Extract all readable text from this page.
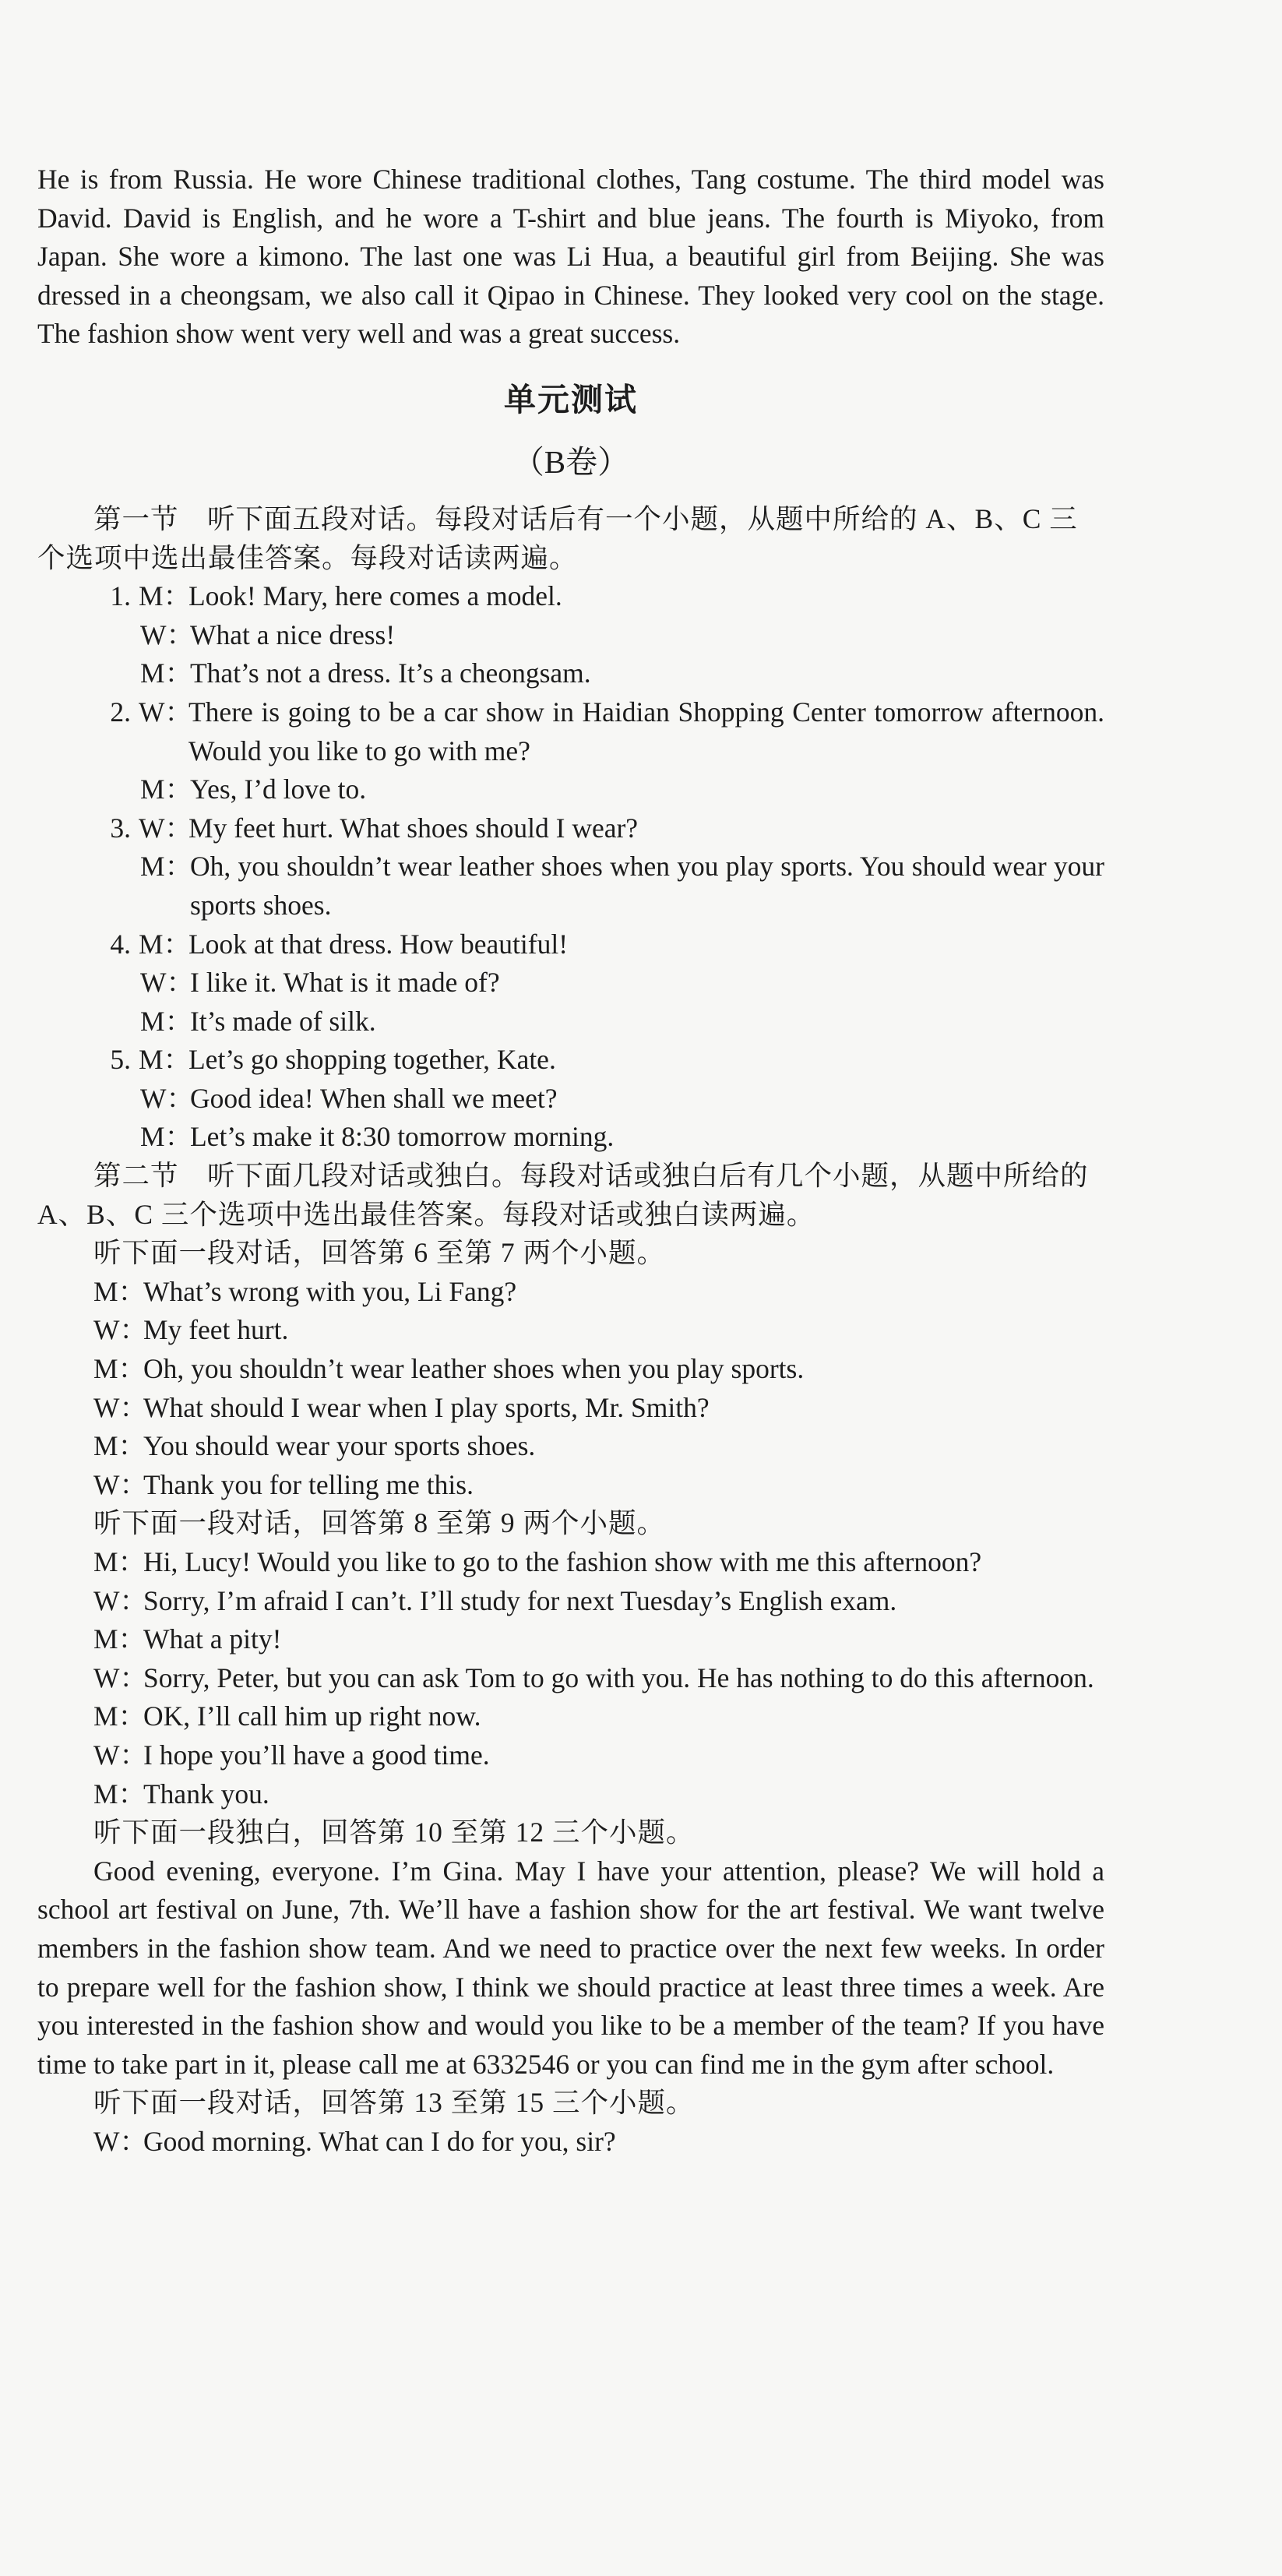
He is from Russia. He wore Chinese traditional clothes, Tang costume. The third model was David. David is English, and he wore a T-shirt and blue jeans. The fourth is Miyoko, from Japan. She wore a kimono. The last one was Li Hua, a beautiful girl from Beijing. She was dressed in a cheongsam, we also call it Qipao in Chinese. They looked very cool on the stage. The fashion show went very well and was a great success.

单元测试
（B卷）

第一节　听下面五段对话。每段对话后有一个小题，从题中所给的 A、B、C 三个选项中选出最佳答案。每段对话读两遍。

1. M：
Look! Mary, here comes a model.
W：
What a nice dress!
M：
That’s not a dress. It’s a cheongsam.
2. W：
There is going to be a car show in Haidian Shopping Center tomorrow afternoon. Would you like to go with me?
M：
Yes, I’d love to.
3. W：
My feet hurt. What shoes should I wear?
M：
Oh, you shouldn’t wear leather shoes when you play sports. You should wear your sports shoes.
4. M：
Look at that dress. How beautiful!
W：
I like it. What is it made of?
M：
It’s made of silk.
5. M：
Let’s go shopping together, Kate.
W：
Good idea! When shall we meet?
M：
Let’s make it 8:30 tomorrow morning.

第二节　听下面几段对话或独白。每段对话或独白后有几个小题，从题中所给的 A、B、C 三个选项中选出最佳答案。每段对话或独白读两遍。

听下面一段对话，回答第 6 至第 7 两个小题。

M：
What’s wrong with you, Li Fang?
W：
My feet hurt.
M：
Oh, you shouldn’t wear leather shoes when you play sports.
W：
What should I wear when I play sports, Mr. Smith?
M：
You should wear your sports shoes.
W：
Thank you for telling me this.

听下面一段对话，回答第 8 至第 9 两个小题。

M：
Hi, Lucy! Would you like to go to the fashion show with me this afternoon?
W：
Sorry, I’m afraid I can’t. I’ll study for next Tuesday’s English exam.
M：
What a pity!
W：
Sorry, Peter, but you can ask Tom to go with you. He has nothing to do this afternoon.
M：
OK, I’ll call him up right now.
W：
I hope you’ll have a good time.
M：
Thank you.

听下面一段独白，回答第 10 至第 12 三个小题。

Good evening, everyone. I’m Gina. May I have your attention, please? We will hold a school art festival on June, 7th. We’ll have a fashion show for the art festival. We want twelve members in the fashion show team. And we need to practice over the next few weeks. In order to prepare well for the fashion show, I think we should practice at least three times a week. Are you interested in the fashion show and would you like to be a member of the team? If you have time to take part in it, please call me at 6332546 or you can find me in the gym after school.

听下面一段对话，回答第 13 至第 15 三个小题。

W：
Good morning. What can I do for you, sir?
